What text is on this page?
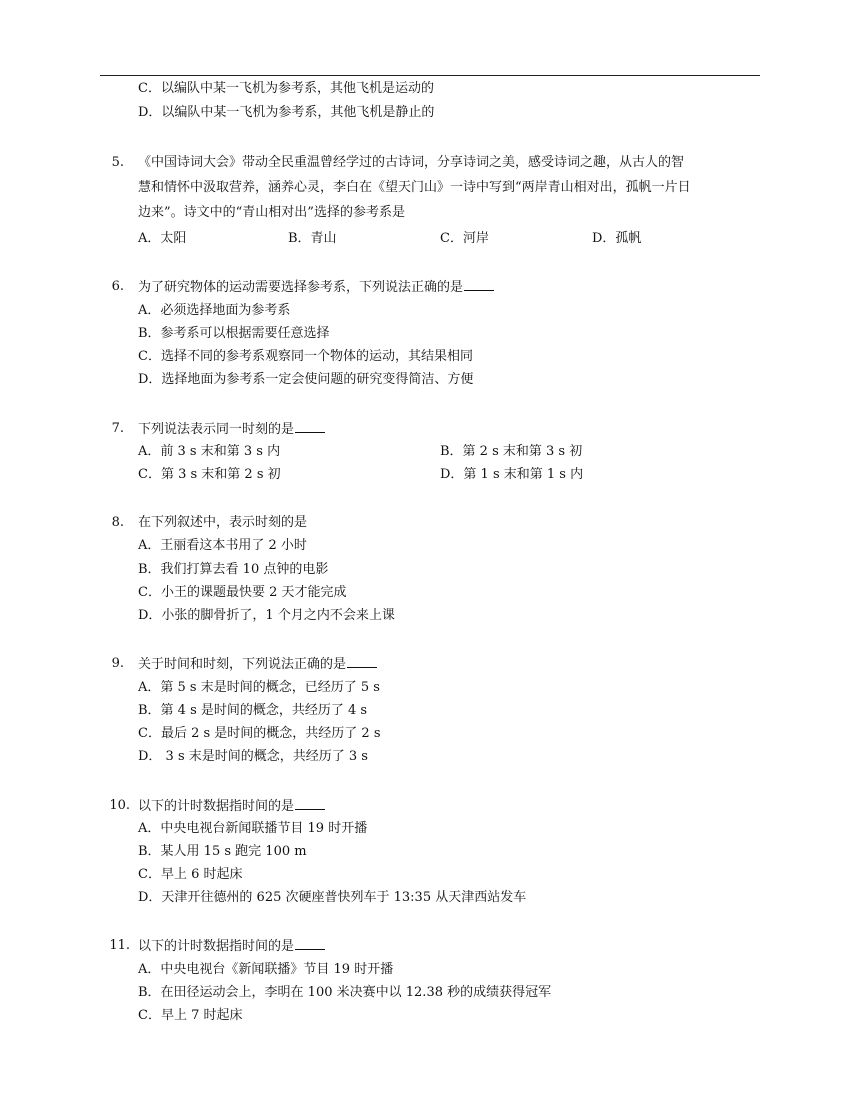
C．以编队中某一飞机为参考系，其他飞机是运动的
D．以编队中某一飞机为参考系，其他飞机是静止的
5. 《中国诗词大会》带动全民重温曾经学过的古诗词，分享诗词之美，感受诗词之趣，从古人的智
慧和情怀中汲取营养，涵养心灵，李白在《望天门山》一诗中写到“两岸青山相对出，孤帆一片日
边来”。诗文中的“青山相对出”选择的参考系是
A．太阳	B．青山	C．河岸	D．孤帆
6. 为了研究物体的运动需要选择参考系，下列说法正确的是
A．必须选择地面为参考系
B．参考系可以根据需要任意选择
C．选择不同的参考系观察同一个物体的运动，其结果相同
D．选择地面为参考系一定会使问题的研究变得简洁、方便
7. 下列说法表示同一时刻的是
A．前 3 s 末和第 3 s 内	B．第 2 s 末和第 3 s 初
C．第 3 s 末和第 2 s 初	D．第 1 s 末和第 1 s 内
8. 在下列叙述中，表示时刻的是
A．王丽看这本书用了 2 小时
B．我们打算去看 10 点钟的电影
C．小王的课题最快要 2 天才能完成
D．小张的脚骨折了，1 个月之内不会来上课
9. 关于时间和时刻，下列说法正确的是
A．第 5 s 末是时间的概念，已经历了 5 s
B．第 4 s 是时间的概念，共经历了 4 s
C．最后 2 s 是时间的概念，共经历了 2 s
D． 3 s 末是时间的概念，共经历了 3 s
10. 以下的计时数据指时间的是
A．中央电视台新闻联播节目 19 时开播
B．某人用 15 s 跑完 100 m
C．早上 6 时起床
D．天津开往德州的 625 次硬座普快列车于 13:35 从天津西站发车
11. 以下的计时数据指时间的是
A．中央电视台《新闻联播》节目 19 时开播
B．在田径运动会上，李明在 100 米决赛中以 12.38 秒的成绩获得冠军
C．早上 7 时起床
